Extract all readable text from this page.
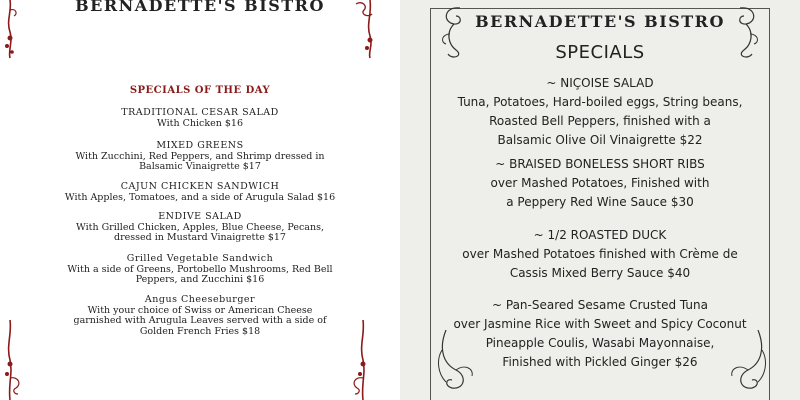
BERNADETTE'S BISTRO
SPECIALS OF THE DAY
TRADITIONAL CESAR SALAD
With Chicken $16
MIXED GREENS
With Zucchini, Red Peppers, and Shrimp dressed in
Balsamic Vinaigrette $17
CAJUN CHICKEN SANDWICH
With Apples, Tomatoes, and a side of Arugula Salad $16
ENDIVE SALAD
With Grilled Chicken, Apples, Blue Cheese, Pecans,
dressed in Mustard Vinaigrette $17
Grilled Vegetable Sandwich
With a side of Greens, Portobello Mushrooms, Red Bell
Peppers, and Zucchini $16
Angus Cheeseburger
With your choice of Swiss or American Cheese
garnished with Arugula Leaves served with a side of
Golden French Fries $18
BERNADETTE'S BISTRO
SPECIALS
~ NIÇOISE SALAD
Tuna, Potatoes, Hard-boiled eggs, String beans,
Roasted Bell Peppers, finished with a
Balsamic Olive Oil Vinaigrette $22
~ BRAISED BONELESS SHORT RIBS
over Mashed Potatoes, Finished with
a Peppery Red Wine Sauce $30
~ 1/2 ROASTED DUCK
over Mashed Potatoes finished with Crème de
Cassis Mixed Berry Sauce $40
~ Pan-Seared Sesame Crusted Tuna
over Jasmine Rice with Sweet and Spicy Coconut
Pineapple Coulis, Wasabi Mayonnaise,
Finished with Pickled Ginger $26
